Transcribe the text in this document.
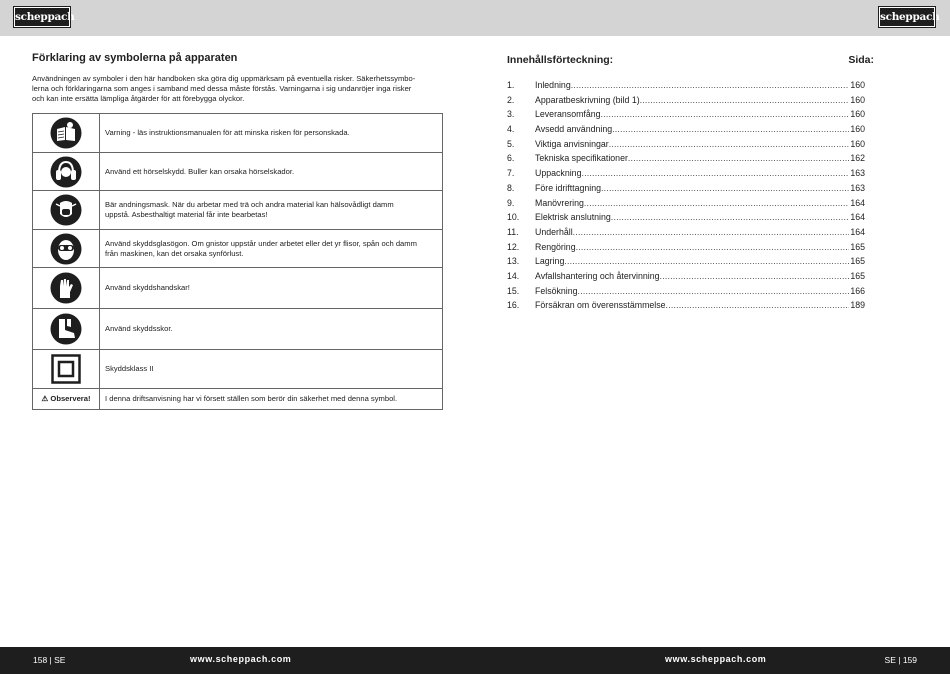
scheppach	scheppach
Förklaring av symbolerna på apparaten
Användningen av symboler i den här handboken ska göra dig uppmärksam på eventuella risker. Säkerhetssymbo-
lerna och förklaringarna som anges i samband med dessa måste förstås. Varningarna i sig undanröjer inga risker
och kan inte ersätta lämpliga åtgärder för att förebygga olyckor.
	Varning - läs instruktionsmanualen för att minska risken för personskada.

	Använd ett hörselskydd. Buller kan orsaka hörselskador.

Bär andningsmask. När du arbetar med trä och andra material kan hälsovådligt damm
uppstå. Asbesthaltigt material får inte bearbetas!

Använd skyddsglasögon. Om gnistor uppstår under arbetet eller det yr flisor, spån och damm
från maskinen, kan det orsaka synförlust.

	Använd skyddshandskar!

	Använd skyddsskor.

	Skyddsklass II
⚠ Observera!	I denna driftsanvisning har vi försett ställen som berör din säkerhet med denna symbol.
Innehållsförteckning:	Sida:
1.	Inledning .....	160
2.	Apparatbeskrivning (bild 1) .....	160
3.	Leveransomfång .....	160
4.	Avsedd användning .....	160
5.	Viktiga anvisningar .....	160
6.	Tekniska specifikationer .....	162
7.	Uppackning .....	163
8.	Före idrifttagning .....	163
9.	Manövrering .....	164
10.	Elektrisk anslutning .....	164
11.	Underhåll .....	164
12.	Rengöring .....	165
13.	Lagring .....	165
14.	Avfallshantering och återvinning .....	165
15.	Felsökning .....	166
16.	Försäkran om överensstämmelse .....	189
158 | SE	www.scheppach.com	www.scheppach.com	SE | 159
